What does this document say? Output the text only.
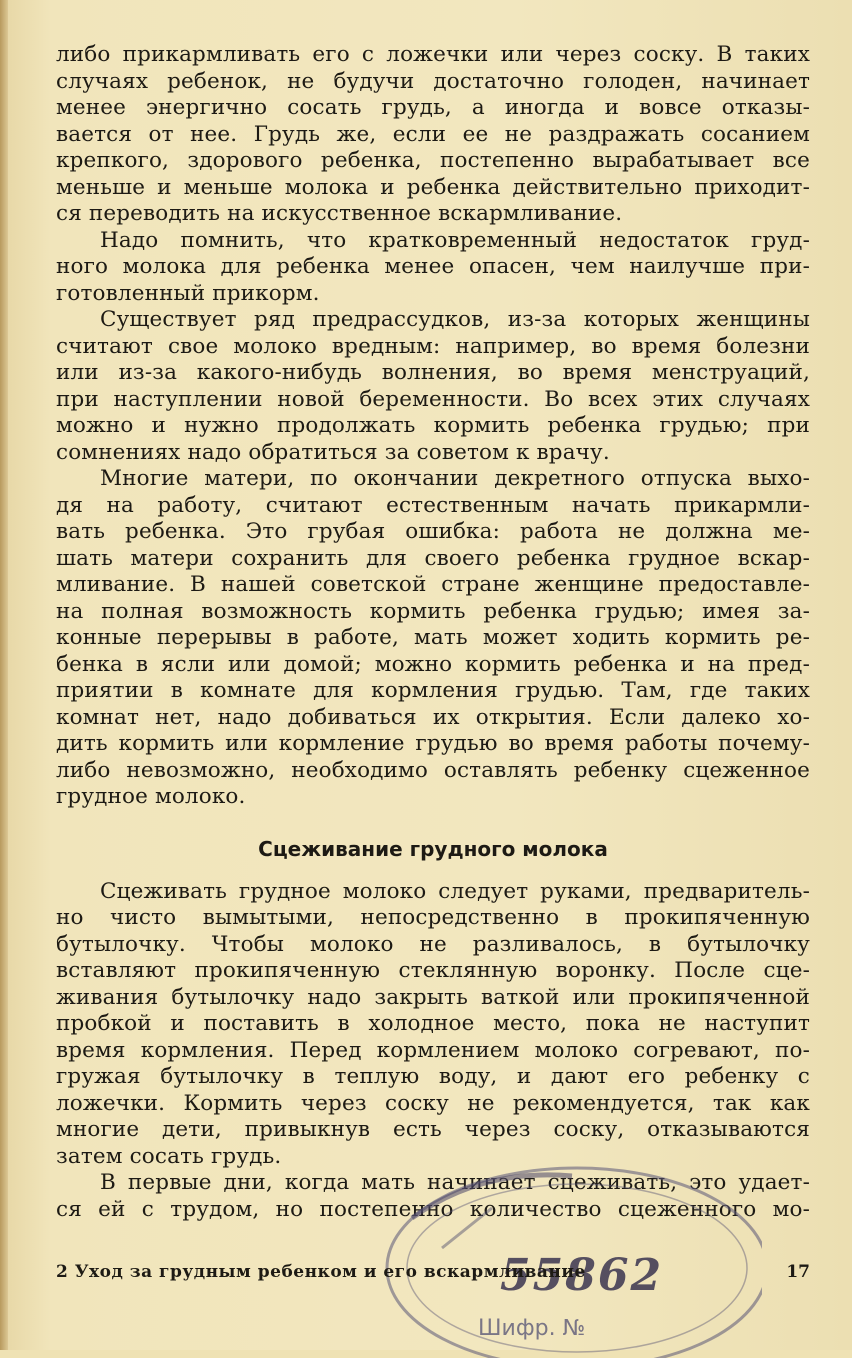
либо прикармливать его с ложечки или через соску. В таких
случаях ребенок, не будучи достаточно голоден, начинает
менее энергично сосать грудь, а иногда и вовсе отказы-
вается от нее. Грудь же, если ее не раздражать сосанием
крепкого, здорового ребенка, постепенно вырабатывает все
меньше и меньше молока и ребенка действительно приходит-
ся переводить на искусственное вскармливание.
Надо помнить, что кратковременный недостаток груд-
ного молока для ребенка менее опасен, чем наилучше при-
готовленный прикорм.
Существует ряд предрассудков, из-за которых женщины
считают свое молоко вредным: например, во время болезни
или из-за какого-нибудь волнения, во время менструаций,
при наступлении новой беременности. Во всех этих случаях
можно и нужно продолжать кормить ребенка грудью; при
сомнениях надо обратиться за советом к врачу.
Многие матери, по окончании декретного отпуска выхо-
дя на работу, считают естественным начать прикармли-
вать ребенка. Это грубая ошибка: работа не должна ме-
шать матери сохранить для своего ребенка грудное вскар-
мливание. В нашей советской стране женщине предоставле-
на полная возможность кормить ребенка грудью; имея за-
конные перерывы в работе, мать может ходить кормить ре-
бенка в ясли или домой; можно кормить ребенка и на пред-
приятии в комнате для кормления грудью. Там, где таких
комнат нет, надо добиваться их открытия. Если далеко хо-
дить кормить или кормление грудью во время работы почему-
либо невозможно, необходимо оставлять ребенку сцеженное
грудное молоко.
Сцеживание грудного молока
Сцеживать грудное молоко следует руками, предваритель-
но чисто вымытыми, непосредственно в прокипяченную
бутылочку. Чтобы молоко не разливалось, в бутылочку
вставляют прокипяченную стеклянную воронку. После сце-
живания бутылочку надо закрыть ваткой или прокипяченной
пробкой и поставить в холодное место, пока не наступит
время кормления. Перед кормлением молоко согревают, по-
гружая бутылочку в теплую воду, и дают его ребенку с
ложечки. Кормить через соску не рекомендуется, так как
многие дети, привыкнув есть через соску, отказываются
затем сосать грудь.
В первые дни, когда мать начинает сцеживать, это удает-
ся ей с трудом, но постепенно количество сцеженного мо-
55862
Шифр. №
2 Уход за грудным ребенком и его вскармливание	17
